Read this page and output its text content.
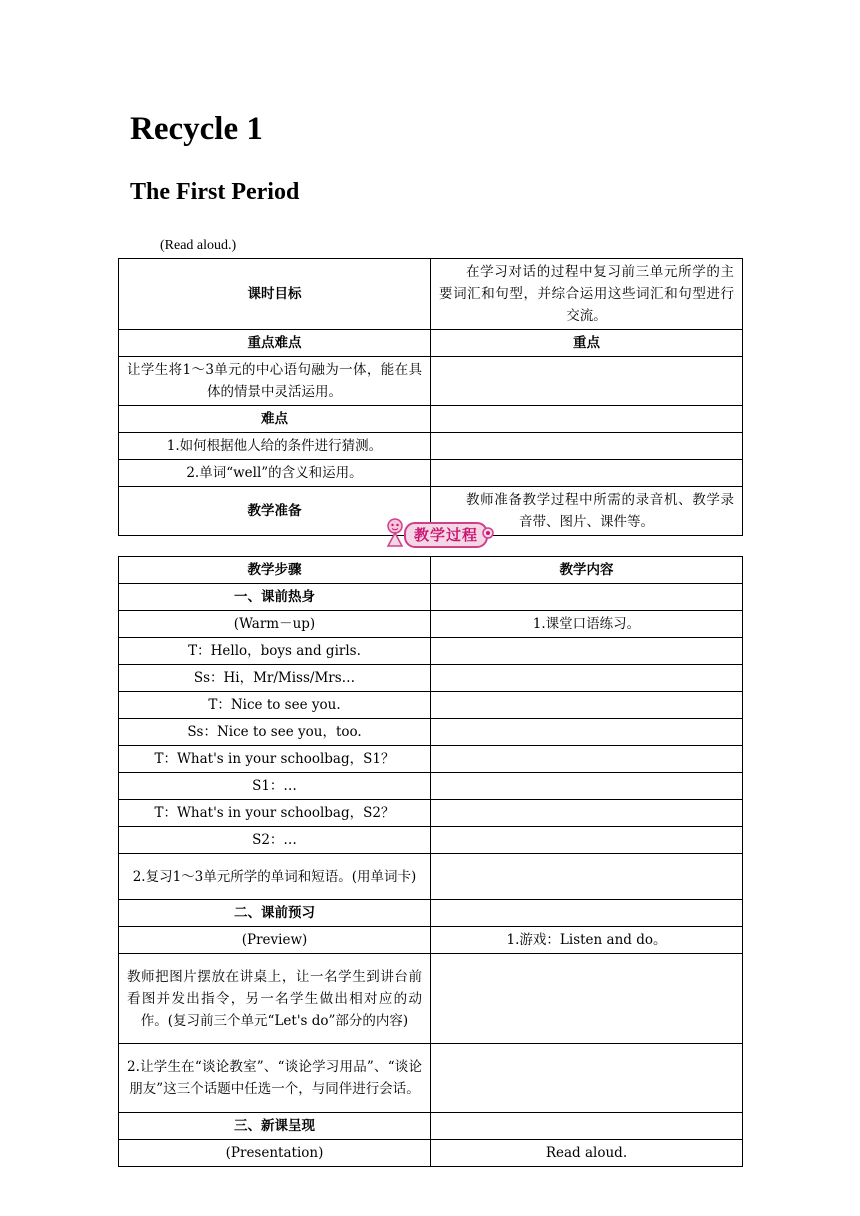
Recycle 1
The First Period
(Read aloud.)
课时目标	在学习对话的过程中复习前三单元所学的主要词汇和句型，并综合运用这些词汇和句型进行交流。
重点难点	重点
让学生将1～3单元的中心语句融为一体，能在具体的情景中灵活运用。	
难点	
1.如何根据他人给的条件进行猜测。	
2.单词“well”的含义和运用。	
教学准备	教师准备教学过程中所需的录音机、教学录音带、图片、课件等。
教学过程
教学步骤	教学内容
一、课前热身	
(Warm－up)	1.课堂口语练习。
T：Hello，boys and girls.	
Ss：Hi，Mr/Miss/Mrs…	
T：Nice to see you.	
Ss：Nice to see you，too.	
T：What's in your schoolbag，S1？	
S1：…	
T：What's in your schoolbag，S2？	
S2：…	
2.复习1～3单元所学的单词和短语。(用单词卡)	
二、课前预习	
(Preview)	1.游戏：Listen and do。
教师把图片摆放在讲桌上，让一名学生到讲台前看图并发出指令，另一名学生做出相对应的动作。(复习前三个单元“Let's do”部分的内容)	
2.让学生在“谈论教室”、“谈论学习用品”、“谈论朋友”这三个话题中任选一个，与同伴进行会话。	
三、新课呈现	
(Presentation)	Read aloud.
